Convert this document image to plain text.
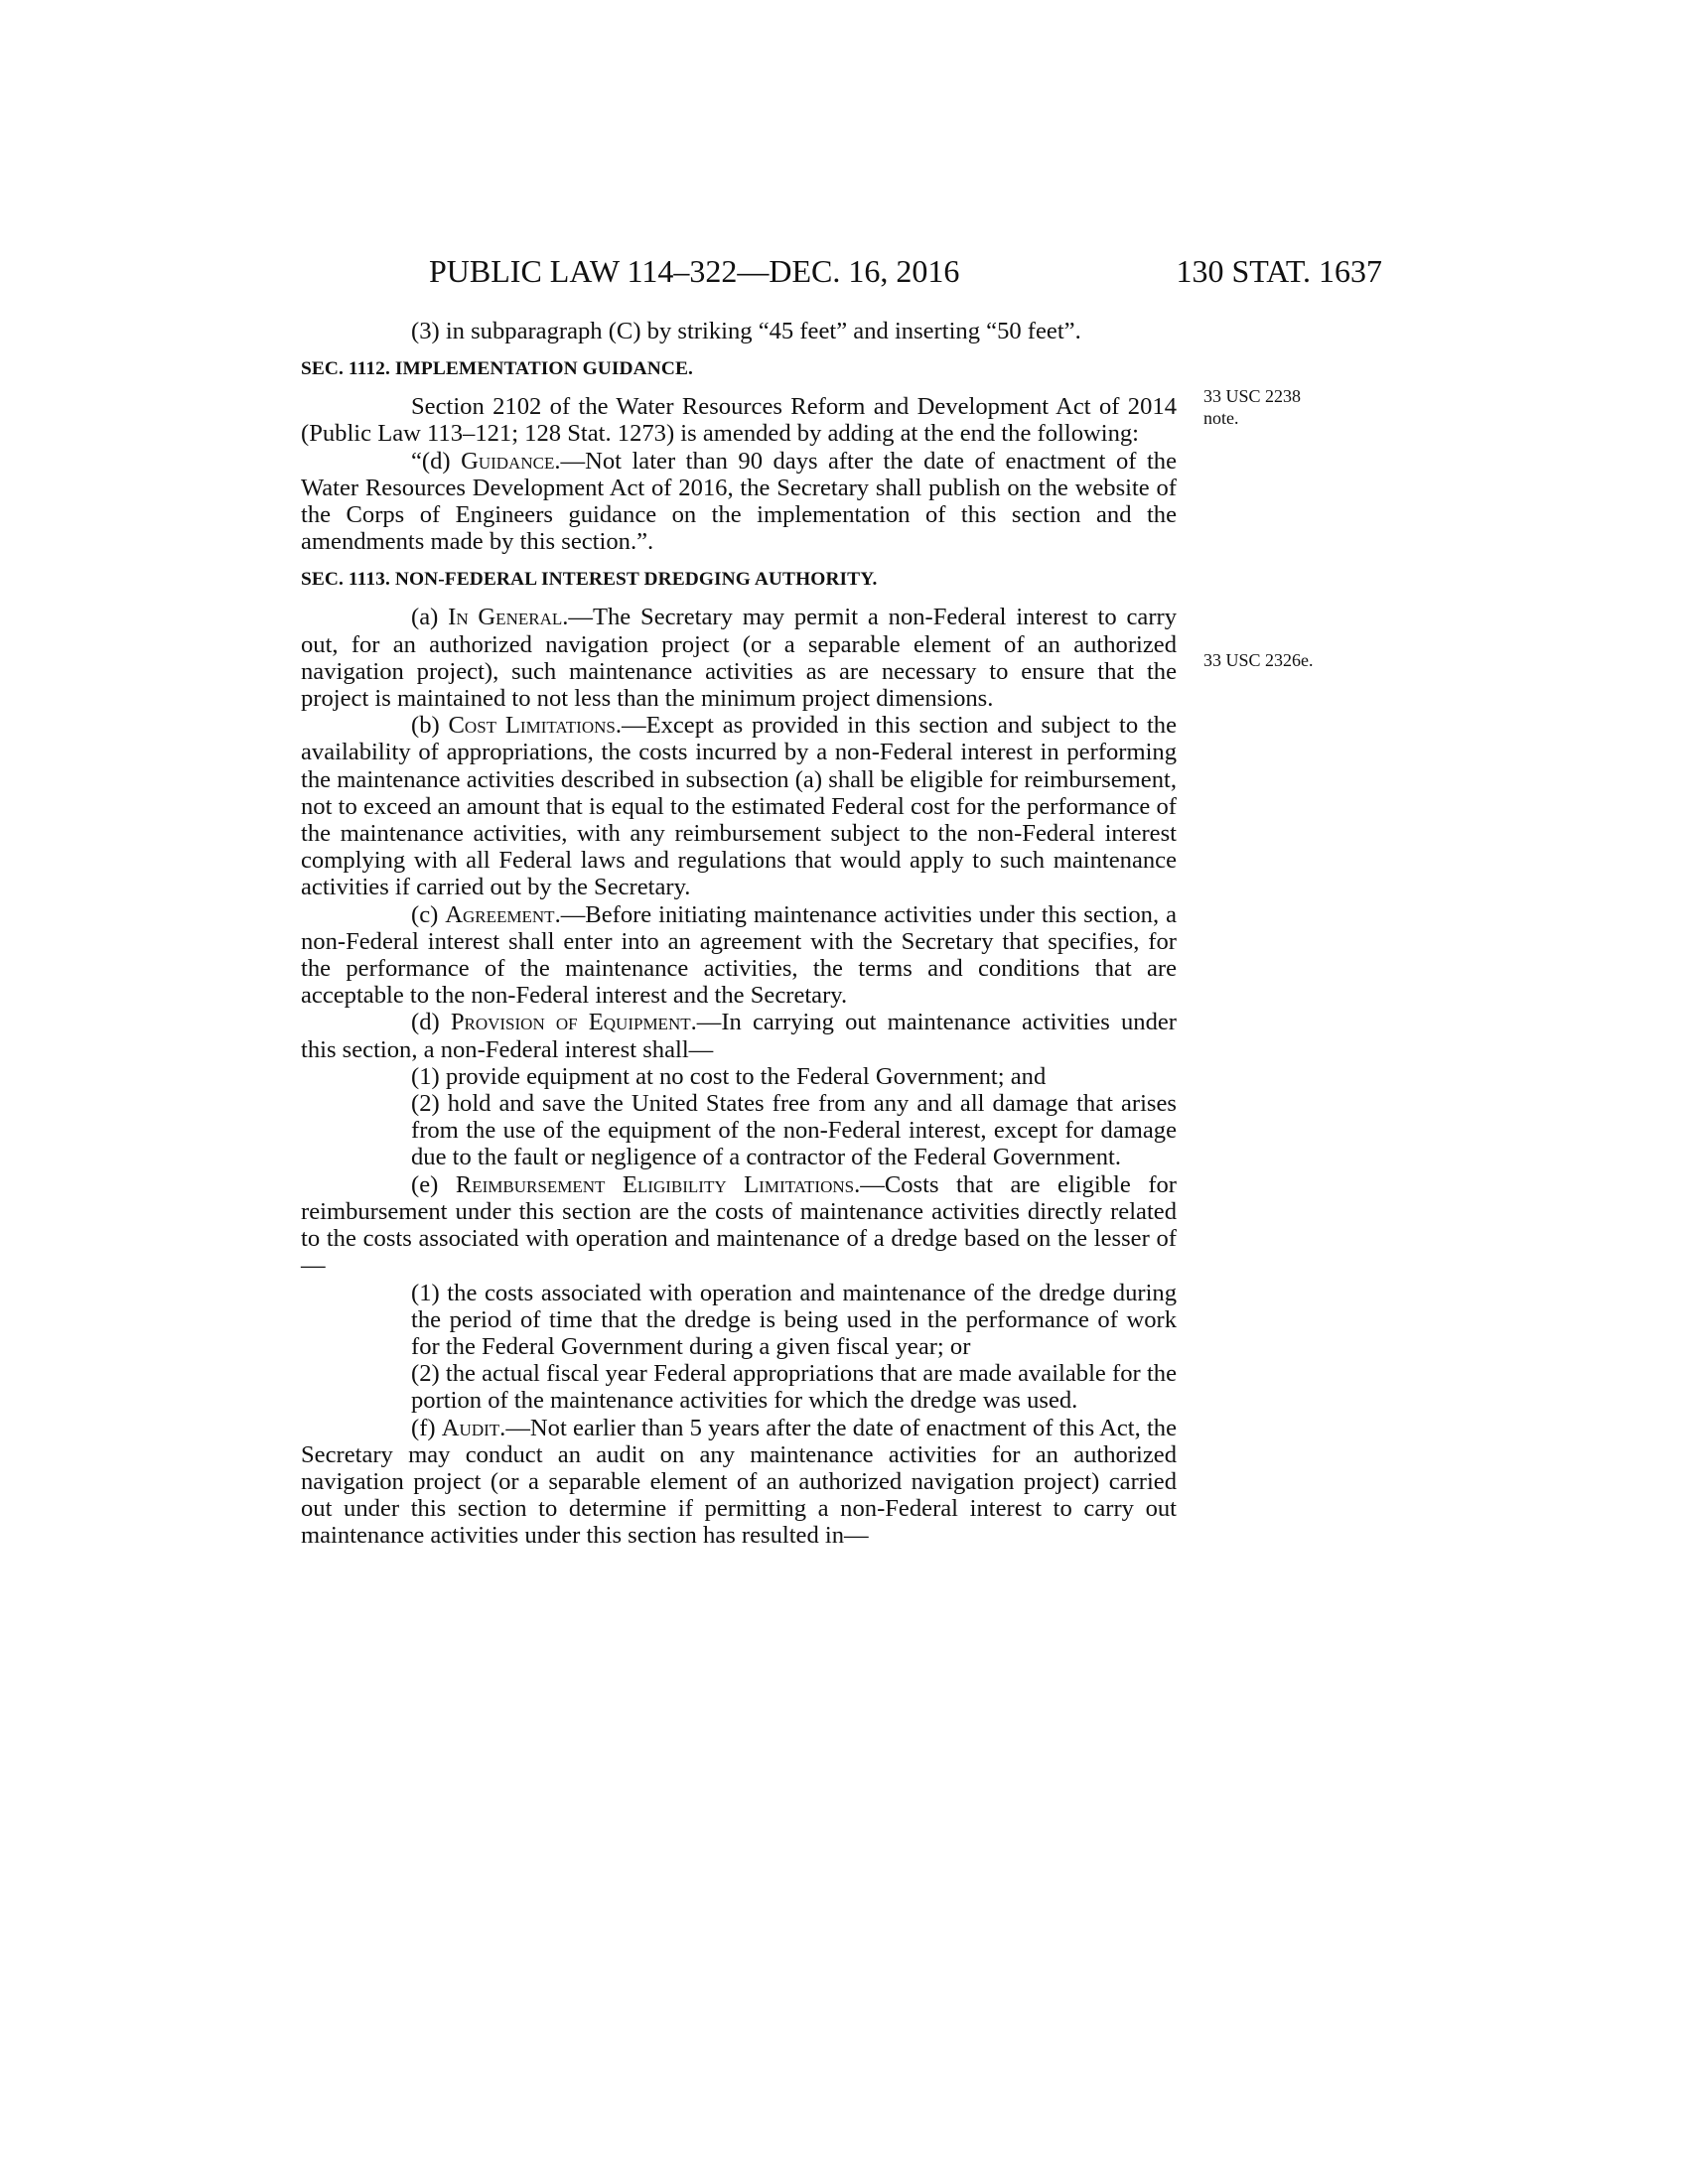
PUBLIC LAW 114–322—DEC. 16, 2016	130 STAT. 1637
33 USC 2238
note.
33 USC 2326e.

(3) in subparagraph (C) by striking “45 feet” and inserting “50 feet”.

SEC. 1112. IMPLEMENTATION GUIDANCE.

Section 2102 of the Water Resources Reform and Development Act of 2014 (Public Law 113–121; 128 Stat. 1273) is amended by adding at the end the following:

“(d) Guidance.—Not later than 90 days after the date of enactment of the Water Resources Development Act of 2016, the Secretary shall publish on the website of the Corps of Engineers guidance on the implementation of this section and the amendments made by this section.”.

SEC. 1113. NON-FEDERAL INTEREST DREDGING AUTHORITY.

(a) In General.—The Secretary may permit a non-Federal interest to carry out, for an authorized navigation project (or a separable element of an authorized navigation project), such maintenance activities as are necessary to ensure that the project is maintained to not less than the minimum project dimensions.

(b) Cost Limitations.—Except as provided in this section and subject to the availability of appropriations, the costs incurred by a non-Federal interest in performing the maintenance activities described in subsection (a) shall be eligible for reimbursement, not to exceed an amount that is equal to the estimated Federal cost for the performance of the maintenance activities, with any reimbursement subject to the non-Federal interest complying with all Federal laws and regulations that would apply to such maintenance activities if carried out by the Secretary.

(c) Agreement.—Before initiating maintenance activities under this section, a non-Federal interest shall enter into an agreement with the Secretary that specifies, for the performance of the maintenance activities, the terms and conditions that are acceptable to the non-Federal interest and the Secretary.

(d) Provision of Equipment.—In carrying out maintenance activities under this section, a non-Federal interest shall—

(1) provide equipment at no cost to the Federal Government; and

(2) hold and save the United States free from any and all damage that arises from the use of the equipment of the non-Federal interest, except for damage due to the fault or negligence of a contractor of the Federal Government.

(e) Reimbursement Eligibility Limitations.—Costs that are eligible for reimbursement under this section are the costs of maintenance activities directly related to the costs associated with operation and maintenance of a dredge based on the lesser of—

(1) the costs associated with operation and maintenance of the dredge during the period of time that the dredge is being used in the performance of work for the Federal Government during a given fiscal year; or

(2) the actual fiscal year Federal appropriations that are made available for the portion of the maintenance activities for which the dredge was used.

(f) Audit.—Not earlier than 5 years after the date of enactment of this Act, the Secretary may conduct an audit on any maintenance activities for an authorized navigation project (or a separable element of an authorized navigation project) carried out under this section to determine if permitting a non-Federal interest to carry out maintenance activities under this section has resulted in—
